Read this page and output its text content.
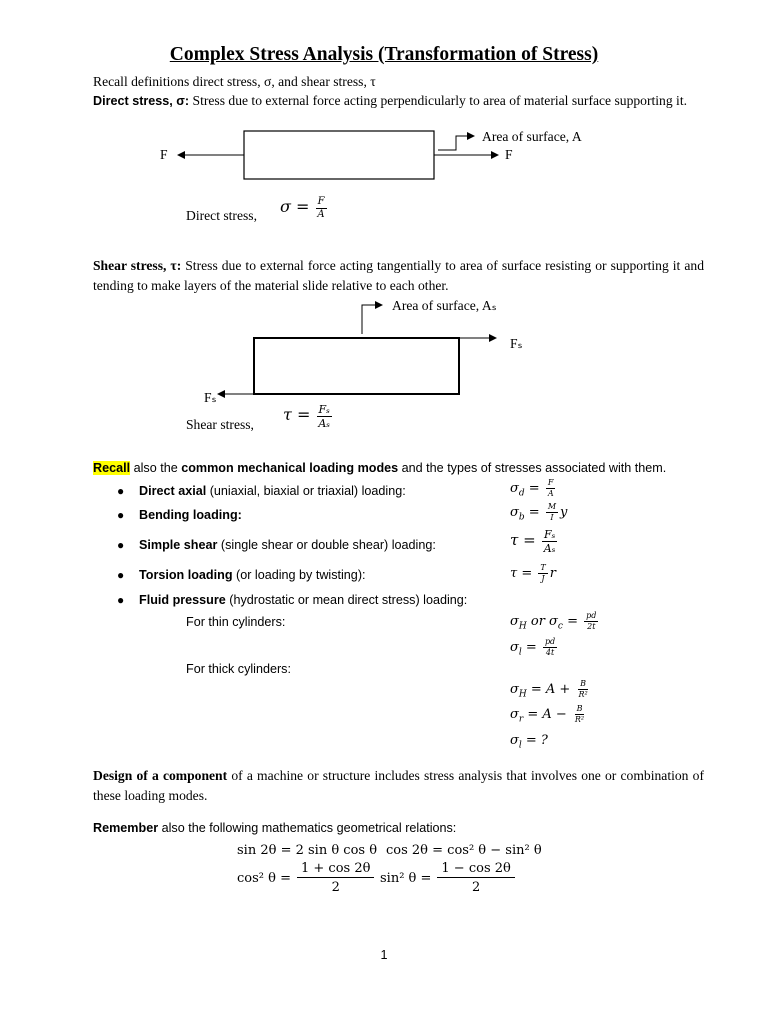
Complex Stress Analysis (Transformation of Stress)
Recall definitions direct stress, σ, and shear stress, τ
Direct stress, σ: Stress due to external force acting perpendicularly to area of material surface supporting it.
Area of surface, A
F	F
Direct stress, $\sigma = \frac{F}{A}$
Shear stress, τ: Stress due to external force acting tangentially to area of surface resisting or supporting it and tending to make layers of the material slide relative to each other.
Area of surface, Aₛ
Fₛ
Fₛ
Shear stress,
$\tau = \frac{\text{Fₛ}}{\text{Aₛ}}$
Recall also the common mechanical loading modes and the types of stresses associated with them.
● Direct axial (uniaxial, biaxial or triaxial) loading:
● Bending loading:
● Simple shear (single shear or double shear) loading:
● Torsion loading (or loading by twisting):
● Fluid pressure (hydrostatic or mean direct stress) loading:
For thin cylinders:
For thick cylinders:
$\sigma_d = \frac{F}{A}$
$\sigma_b = \frac{M}{I}$ y
$\tau = \frac{\text{Fₛ}}{\text{Aₛ}}$
$\tau = \frac{T}{J}$ r
$\sigma_H$ or $\sigma_c = \frac{pd}{2t}$
$\sigma_l = \frac{pd}{4t}$
$\sigma_H = A + \frac{B}{\text{R²}}$
$\sigma_r = A - \frac{B}{\text{R²}}$
$\sigma_l$ = ?
Design of a component of a machine or structure includes stress analysis that involves one or combination of these loading modes.
Remember also the following mathematics geometrical relations:
sin 2θ = 2 sin θ cos θ cos 2θ = cos² θ − sin² θ
cos² $\theta = \frac{1 + \cos 2\theta}{2} \sin^2$ $\theta = \frac{1 - \cos 2\theta}{2}$
1
